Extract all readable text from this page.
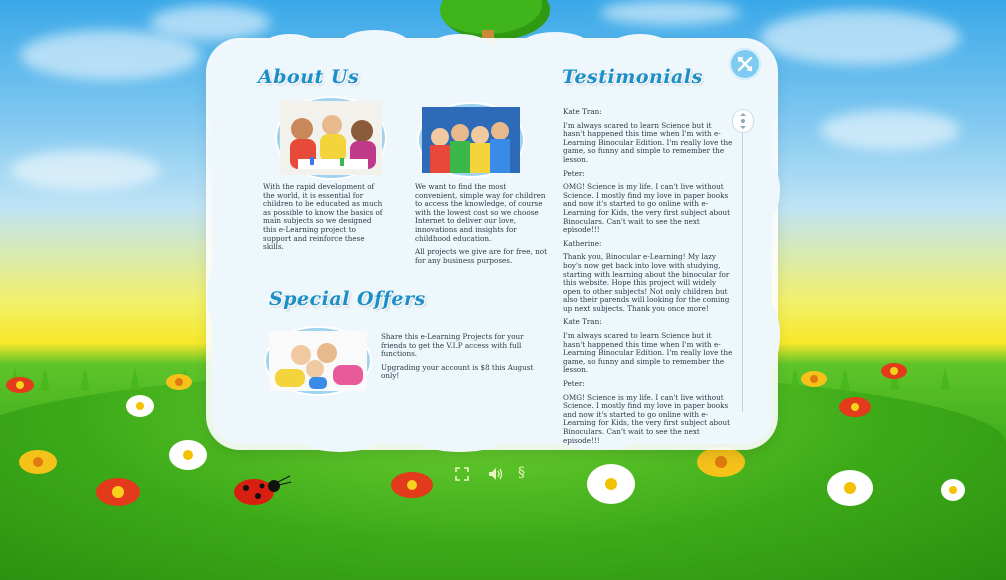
About Us

With the rapid development of the world, it is essential for children to be educated as much as possible to know the basics of main subjects so we designed this e-Learning project to support and reinforce these skills.

We want to find the most convenient, simple way for children to access the knowledge, of course with the lowest cost so we choose Internet to deliver our love, innovations and insights for childhood education.

All projects we give are for free, not for any business purposes.

Special Offers

Share this e-Learning Projects for your friends to get the V.I.P access with full functions.

Upgrading your account is $8 this August only!

Testimonials

Kate Tran:

I'm always scared to learn Science but it hasn't happened this time when I'm with e-Learning Binocular Edition. I'm really love the game, so funny and simple to remember the lesson.

Peter:

OMG! Science is my life. I can't live without Science. I mostly find my love in paper books and now it's started to go online with e-Learning for Kids, the very first subject about Binoculars. Can't wait to see the next episode!!!

Katherine:

Thank you, Binocular e-Learning! My lazy boy's now get back into love with studying, starting with learning about the binocular for this website. Hope this project will widely open to other subjects! Not only children but also their parends will looking for the coming up next subjects. Thank you once more!

Kate Tran:

I'm always scared to learn Science but it hasn't happened this time when I'm with e-Learning Binocular Edition. I'm really love the game, so funny and simple to remember the lesson.

Peter:

OMG! Science is my life. I can't live without Science. I mostly find my love in paper books and now it's started to go online with e-Learning for Kids, the very first subject about Binoculars. Can't wait to see the next episode!!!

§
